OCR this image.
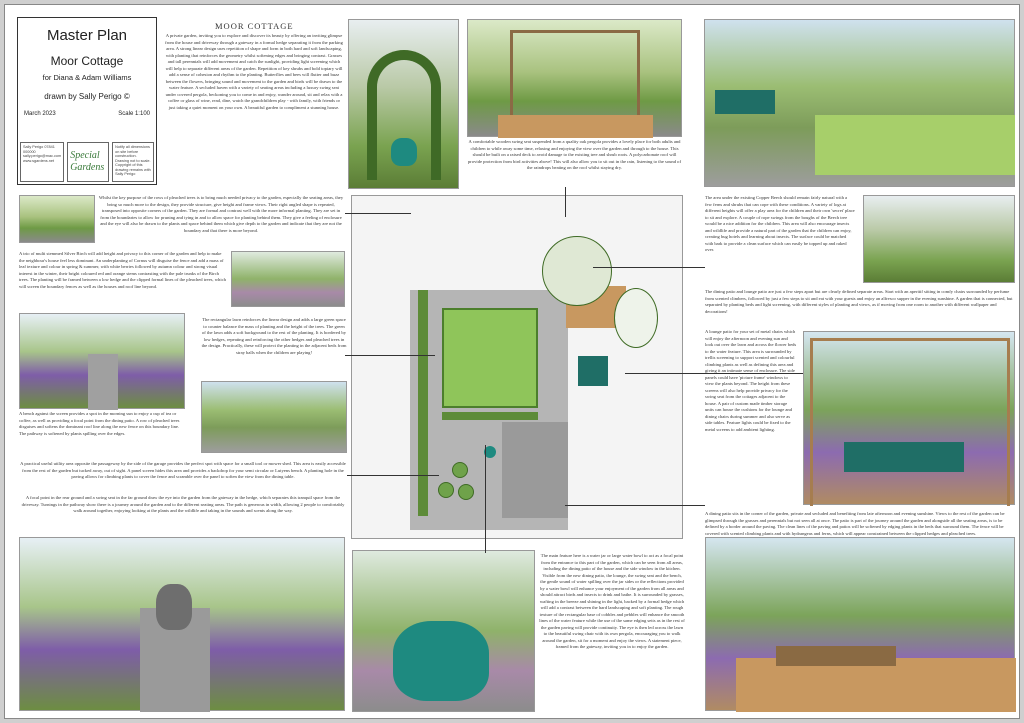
Master Plan
Moor Cottage
for Diana & Adam Williams
drawn by Sally Perigo ©
March 2023	Scale 1:100
Sally Perigo 07841 000000 sally.perigo@mac.com www.sgardens.net	Special Gardens
Notify all dimensions on site before construction. Drawing not to scale. Copyright of this drawing remains with Sally Perigo
MOOR COTTAGE
A private garden, inviting you to explore and discover its beauty by offering an inviting glimpse from the house and driveway through a gateway in a formal hedge separating it from the parking area. A strong linear design uses repetition of shape and form in both hard and soft landscaping, with planting that reinforces the geometry whilst softening edges and bringing contrast. Grasses and tall perennials will add movement and catch the sunlight, providing light screening which will help to separate different areas of the garden. Repetition of key shrubs and bold topiary will add a sense of cohesion and rhythm to the planting. Butterflies and bees will flutter and buzz between the flowers, bringing sound and movement to the garden and birds will be drawn to the water feature. A secluded haven with a variety of seating areas including a luxury swing seat under covered pergola, beckoning you to come in and enjoy, wander around, sit and relax with a coffee or glass of wine, read, dine, watch the grandchildren play - with family, with friends or just taking a quiet moment on your own. A beautiful garden to compliment a stunning house.
A comfortable wooden swing seat suspended from a quality oak pergola provides a lovely place for both adults and children to while away some time, relaxing and enjoying the view over the garden and through to the house. This should be built on a raised deck to avoid damage to the existing tree and shrub roots. A polycarbonate roof will provide protection from bird activities above! This will also allow you to sit out in the rain, listening to the sound of the raindrops beating on the roof whilst staying dry.
Whilst the key purpose of the rows of pleached trees is to bring much needed privacy to the garden, especially the seating areas, they bring so much more to the design, they provide structure, give height and frame views. Their right angled shape is repeated, transposed into opposite corners of the garden. They are formal and contrast well with the more informal planting. They are set in from the boundaries to allow for pruning and tying in and to allow space for planting behind them. They give a feeling of enclosure and the eye will also be drawn to the plants and space behind them which give depth to the garden and indicate that they are not the boundary and that there is more beyond.
A trio of multi stemmed Silver Birch will add height and privacy to this corner of the garden and help to make the neighbour's house feel less dominant. An underplanting of Cornus will disguise the fence and add a mass of leaf texture and colour in spring & summer, with white berries followed by autumn colour and strong visual interest in the winter, their bright coloured red and orange stems contrasting with the pale trunks of the Birch trees. The planting will be framed between a low hedge and the clipped formal lines of the pleached trees, which will screen the boundary fences as well as the houses and roof line beyond.
The rectangular lawn reinforces the linear design and adds a large green space to counter balance the mass of planting and the height of the trees. The green of the lawn adds a soft background to the rest of the planting. It is bordered by low hedges, repeating and reinforcing the other hedges and pleached trees in the design. Practically, these will protect the planting in the adjacent beds from stray balls when the children are playing!
A bench against the screen provides a spot in the morning sun to enjoy a cup of tea or coffee, as well as providing a focal point from the dining patio. A row of pleached trees disguises and softens the dominant roof line along the new fence on this boundary line. The pathway is softened by plants spilling over the edges.
A practical useful utility area opposite the passageway by the side of the garage provides the perfect spot with space for a small tool or mower shed. This area is easily accessible from the rest of the garden but tucked away, out of sight. A panel screen hides this area and provides a backdrop for your semi circular or Lutyens bench. A planting hole in the paving allows for climbing plants to cover the fence and scramble over the panel to soften the view from the dining table.
A focal point in the rear ground and a swing seat in the far ground draw the eye into the garden from the gateway in the hedge, which separates this tranquil space from the driveway. Turnings in the pathway show there is a journey around the garden and to the different seating areas. The path is generous in width, allowing 2 people to comfortably walk around together, enjoying looking at the plants and the wildlife and taking in the sounds and scents along the way.
The area under the existing Copper Beech should remain fairly natural with a few ferns and shrubs that can cope with these conditions. A variety of logs at different heights will offer a play area for the children and their own 'secret' place to sit and explore. A couple of rope swings from the boughs of the Beech tree would be a nice addition for the children. This area will also encourage insects and wildlife and provide a natural part of the garden that the children can enjoy, creating bug hotels and learning about insects. The surface could be matched with bark to provide a clean surface which can easily be topped up and raked over.
The dining patio and lounge patio are just a few steps apart but are clearly defined separate areas. Start with an aperitif sitting in comfy chairs surrounded by perfume from scented climbers, followed by just a few steps to sit and eat with your guests and enjoy an alfresco supper in the evening sunshine. A garden that is connected, but separated by planting beds and light screening, with different styles of planting and views, as if moving from one room to another with different wallpaper and decorations!
A lounge patio for your set of metal chairs which will enjoy the afternoon and evening sun and look out over the lawn and across the flower beds to the water feature. This area is surrounded by trellis screening to support scented and colourful climbing plants as well as defining this area and giving it an intimate sense of enclosure. The side panels could have 'picture frame' windows to view the plants beyond. The height from these screens will also help provide privacy for the swing seat from the cottages adjacent to the house. A pair of custom made timber storage units can house the cushions for the lounge and dining chairs during summer and also serve as side tables. Feature lights could be fixed to the metal screens to add ambient lighting.
A dining patio sits in the corner of the garden, private and secluded and benefiting from late afternoon and evening sunshine. Views to the rest of the garden can be glimpsed through the grasses and perennials but not seen all at once. The patio is part of the journey around the garden and alongside all the seating areas, is to be defined by a border around the paving. The clean lines of the paving and patios will be softened by edging plants in the beds that surround them. The fence will be covered with scented climbing plants and with hydrangeas and ferns, which will appear constrained between the clipped hedges and pleached trees.
The main feature here is a water jar or large water bowl to act as a focal point from the entrance to this part of the garden, which can be seen from all areas, including the dining patio of the house and the side window in the kitchen. Visible from the new dining patio, the lounge, the swing seat and the bench, the gentle sound of water spilling over the jar sides or the reflections provided by a water bowl will enhance your enjoyment of the garden from all areas and should attract birds and insects to drink and bathe. It is surrounded by grasses, wafting in the breeze and shining in the light, backed by a formal hedge which will add a contrast between the hard landscaping and soft planting. The rough texture of the rectangular base of cobbles and pebbles will enhance the smooth lines of the water feature while the use of the same edging setts as in the rest of the garden paving will provide continuity. The eye is then led across the lawn to the beautiful swing chair with its own pergola, encouraging you to walk around the garden, sit for a moment and enjoy the views. A statement piece, framed from the gateway, inviting you in to enjoy the garden.
